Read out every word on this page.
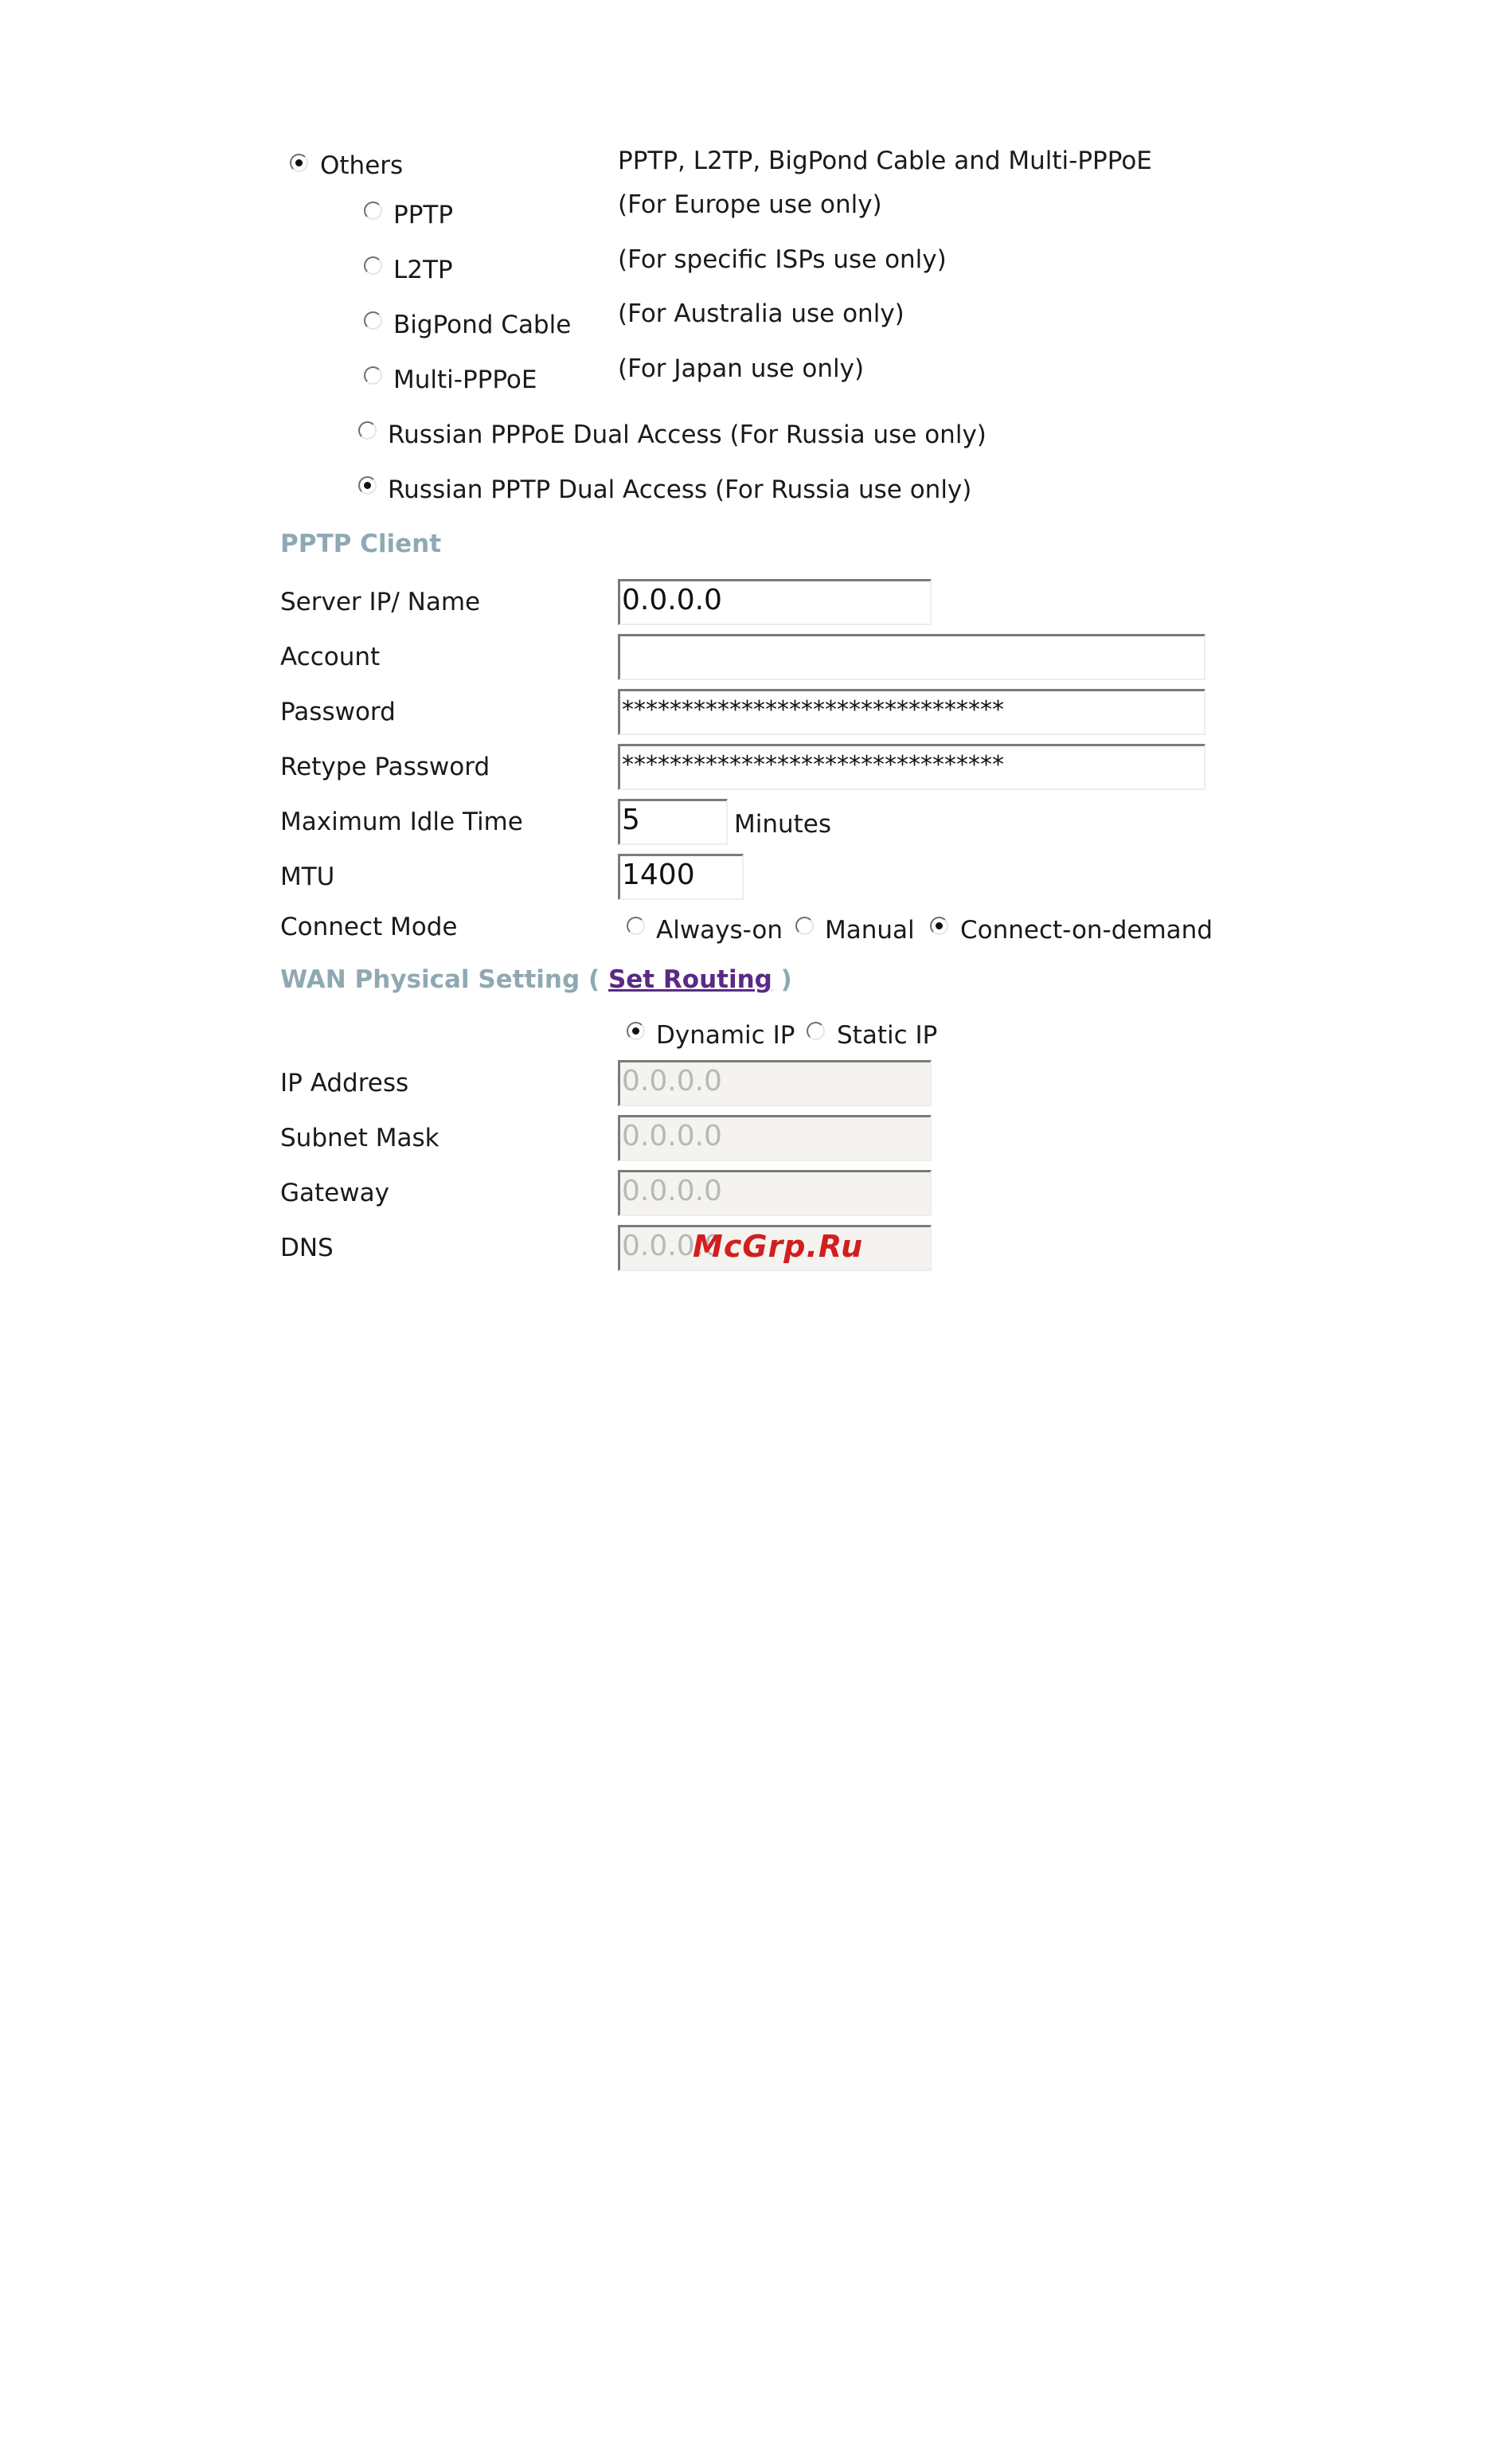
Others	PPTP, L2TP, BigPond Cable and Multi-PPPoE
PPTP	(For Europe use only)
L2TP	(For specific ISPs use only)
BigPond Cable (For Australia use only)
Multi-PPPoE	(For Japan use only)
Russian PPPoE Dual Access (For Russia use only)
Russian PPTP Dual Access (For Russia use only)
PPTP Client
Server IP/ Name	0.0.0.0
Account
Password	********************************
Retype Password	********************************
Maximum Idle Time	5	Minutes
MTU	1400
Connect Mode	Always-on Manual Connect-on-demand
WAN Physical Setting ( Set Routing )
Dynamic IP Static IP
IP Address	0.0.0.0
Subnet Mask	0.0.0.0
Gateway	0.0.0.0
DNS	0.0.0.0
McGrp.Ru
